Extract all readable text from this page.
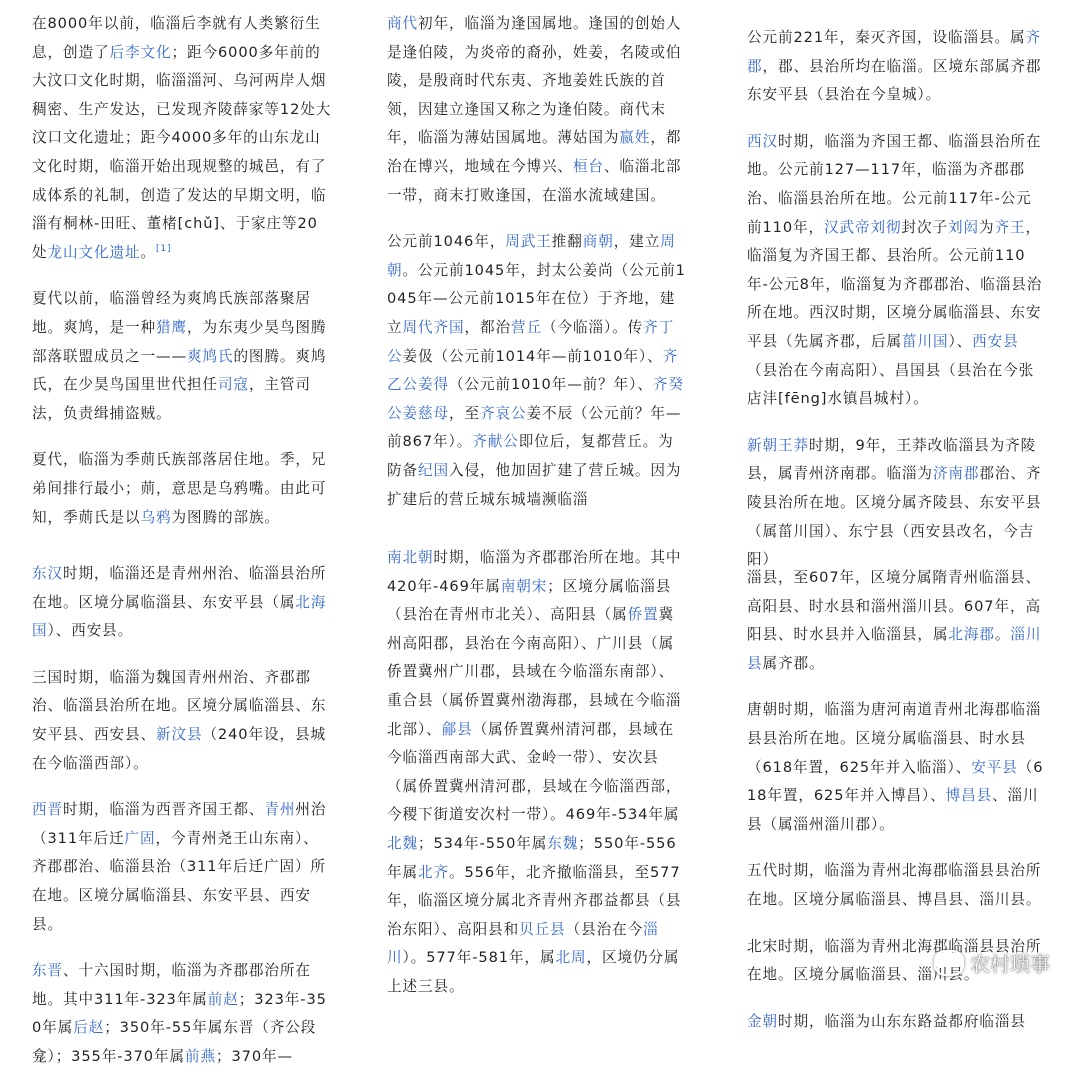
在8000年以前，临淄后李就有人类繁衍生息，创造了后李文化；距今6000多年前的大汶口文化时期，临淄淄河、乌河两岸人烟稠密、生产发达，已发现齐陵薛家等12处大汶口文化遗址；距今4000多年的山东龙山文化时期，临淄开始出现规整的城邑，有了成体系的礼制，创造了发达的早期文明，临淄有桐林-田旺、董楮[chǔ]、于家庄等20处龙山文化遗址。[1]

夏代以前，临淄曾经为爽鸠氏族部落聚居地。爽鸠，是一种猎鹰，为东夷少昊鸟图腾部落联盟成员之一——爽鸠氏的图腾。爽鸠氏，在少昊鸟国里世代担任司寇，主管司法，负责缉捕盗贼。

夏代，临淄为季荝氏族部落居住地。季，兄弟间排行最小；荝，意思是乌鸦嘴。由此可知，季荝氏是以乌鸦为图腾的部族。

东汉时期，临淄还是青州州治、临淄县治所在地。区境分属临淄县、东安平县（属北海国）、西安县。

三国时期，临淄为魏国青州州治、齐郡郡治、临淄县治所在地。区境分属临淄县、东安平县、西安县、新汶县（240年设，县城在今临淄西部）。

西晋时期，临淄为西晋齐国王都、青州州治（311年后迁广固，今青州尧王山东南）、齐郡郡治、临淄县治（311年后迁广固）所在地。区境分属临淄县、东安平县、西安县。

东晋、十六国时期，临淄为齐郡郡治所在地。其中311年-323年属前赵；323年-350年属后赵；350年-55年属东晋（齐公段龛）；355年-370年属前燕；370年—

商代初年，临淄为逢国属地。逢国的创始人是逢伯陵，为炎帝的裔孙，姓姜，名陵或伯陵，是殷商时代东夷、齐地姜姓氏族的首领，因建立逢国又称之为逢伯陵。商代末年，临淄为薄姑国属地。薄姑国为嬴姓，都治在博兴，地域在今博兴、桓台、临淄北部一带，商末打败逢国，在淄水流域建国。

公元前1046年，周武王推翻商朝，建立周朝。公元前1045年，封太公姜尚（公元前1045年—公元前1015年在位）于齐地，建立周代齐国，都治营丘（今临淄）。传齐丁公姜伋（公元前1014年—前1010年）、齐乙公姜得（公元前1010年—前？年）、齐癸公姜慈母，至齐哀公姜不辰（公元前？年—前867年）。齐献公即位后，复都营丘。为防备纪国入侵，他加固扩建了营丘城。因为扩建后的营丘城东城墙濒临淄

南北朝时期，临淄为齐郡郡治所在地。其中420年-469年属南朝宋；区境分属临淄县（县治在青州市北关）、高阳县（属侨置冀州高阳郡，县治在今南高阳）、广川县（属侨置冀州广川郡，县域在今临淄东南部）、重合县（属侨置冀州渤海郡，县域在今临淄北部）、鄃县（属侨置冀州清河郡，县域在今临淄西南部大武、金岭一带）、安次县（属侨置冀州清河郡，县域在今临淄西部，今稷下街道安次村一带）。469年-534年属北魏；534年-550年属东魏；550年-556年属北齐。556年，北齐撤临淄县，至577年，临淄区境分属北齐青州齐郡益都县（县治东阳）、高阳县和贝丘县（县治在今淄川）。577年-581年，属北周，区境仍分属上述三县。

公元前221年，秦灭齐国，设临淄县。属齐郡，郡、县治所均在临淄。区境东部属齐郡东安平县（县治在今皇城）。

西汉时期，临淄为齐国王都、临淄县治所在地。公元前127—117年，临淄为齐郡郡治、临淄县治所在地。公元前117年-公元前110年，汉武帝刘彻封次子刘闳为齐王，临淄复为齐国王都、县治所。公元前110年-公元8年，临淄复为齐郡郡治、临淄县治所在地。西汉时期，区境分属临淄县、东安平县（先属齐郡，后属菑川国）、西安县（县治在今南高阳）、昌国县（县治在今张店沣[fēng]水镇昌城村）。

新朝王莽时期，9年，王莽改临淄县为齐陵县，属青州济南郡。临淄为济南郡郡治、齐陵县治所在地。区境分属齐陵县、东安平县（属菑川国）、东宁县（西安县改名，今吉阳）

淄县，至607年，区境分属隋青州临淄县、高阳县、时水县和淄州淄川县。607年，高阳县、时水县并入临淄县，属北海郡。淄川县属齐郡。

唐朝时期，临淄为唐河南道青州北海郡临淄县县治所在地。区境分属临淄县、时水县（618年置，625年并入临淄）、安平县（618年置，625年并入博昌）、博昌县、淄川县（属淄州淄川郡）。

五代时期，临淄为青州北海郡临淄县县治所在地。区境分属临淄县、博昌县、淄川县。

北宋时期，临淄为青州北海郡临淄县县治所在地。区境分属临淄县、淄川县。

金朝时期，临淄为山东东路益都府临淄县

农村琐事
